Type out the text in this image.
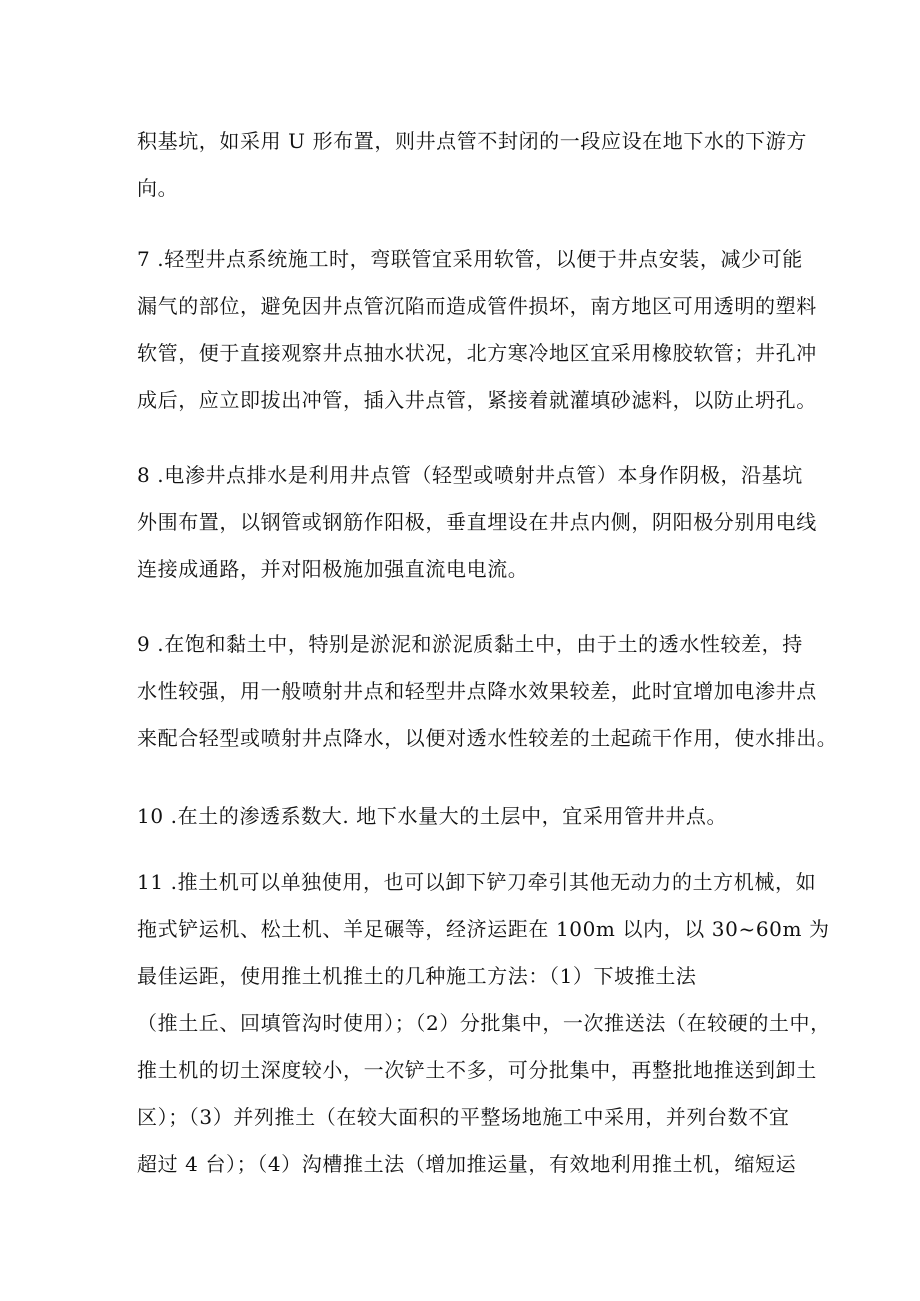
积基坑，如采用 U 形布置，则井点管不封闭的一段应设在地下水的下游方
向。

7 .轻型井点系统施工时，弯联管宜采用软管，以便于井点安装，减少可能
漏气的部位，避免因井点管沉陷而造成管件损坏，南方地区可用透明的塑料
软管，便于直接观察井点抽水状况，北方寒冷地区宜采用橡胶软管；井孔冲
成后，应立即拔出冲管，插入井点管，紧接着就灌填砂滤料，以防止坍孔。

8 .电渗井点排水是利用井点管（轻型或喷射井点管）本身作阴极，沿基坑
外围布置，以钢管或钢筋作阳极，垂直埋设在井点内侧，阴阳极分别用电线
连接成通路，并对阳极施加强直流电电流。

9 .在饱和黏土中，特别是淤泥和淤泥质黏土中，由于土的透水性较差，持
水性较强，用一般喷射井点和轻型井点降水效果较差，此时宜增加电渗井点
来配合轻型或喷射井点降水，以便对透水性较差的土起疏干作用，使水排出。

10 .在土的渗透系数大. 地下水量大的土层中，宜采用管井井点。

11 .推土机可以单独使用，也可以卸下铲刀牵引其他无动力的土方机械，如
拖式铲运机、松土机、羊足碾等，经济运距在 100m 以内，以 30~60m 为
最佳运距，使用推土机推土的几种施工方法：（1）下坡推土法
（推土丘、回填管沟时使用）；（2）分批集中，一次推送法（在较硬的土中，
推土机的切土深度较小，一次铲土不多，可分批集中，再整批地推送到卸土
区）；（3）并列推土（在较大面积的平整场地施工中采用，并列台数不宜
超过 4 台）；（4）沟槽推土法（增加推运量，有效地利用推土机，缩短运
